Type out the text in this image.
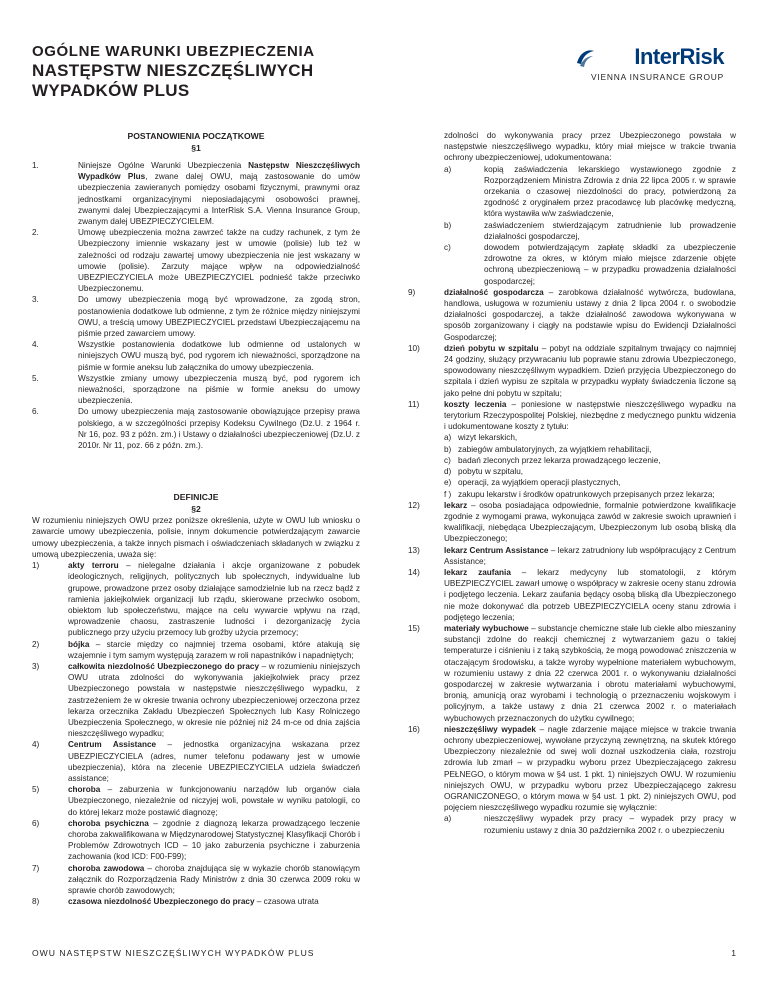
OGÓLNE WARUNKI UBEZPIECZENIA
NASTĘPSTW NIESZCZĘŚLIWYCH
WYPADKÓW PLUS
InterRisk
VIENNA INSURANCE GROUP
POSTANOWIENIA POCZĄTKOWE
§1
1.	Niniejsze Ogólne Warunki Ubezpieczenia Następstw Nieszczęśliwych Wypadków Plus, zwane dalej OWU, mają zastosowanie do umów ubezpieczenia zawieranych pomiędzy osobami fizycznymi, prawnymi oraz jednostkami organizacyjnymi nieposiadającymi osobowości prawnej, zwanymi dalej Ubezpieczającymi a InterRisk S.A. Vienna Insurance Group, zwanym dalej UBEZPIECZYCIELEM.
2.	Umowę ubezpieczenia można zawrzeć także na cudzy rachunek, z tym że Ubezpieczony imiennie wskazany jest w umowie (polisie) lub też w zależności od rodzaju zawartej umowy ubezpieczenia nie jest wskazany w umowie (polisie). Zarzuty mające wpływ na odpowiedzialność UBEZPIECZYCIELA może UBEZPIECZYCIEL podnieść także przeciwko Ubezpieczonemu.
3.	Do umowy ubezpieczenia mogą być wprowadzone, za zgodą stron, postanowienia dodatkowe lub odmienne, z tym że różnice między niniejszymi OWU, a treścią umowy UBEZPIECZYCIEL przedstawi Ubezpieczającemu na piśmie przed zawarciem umowy.
4.	Wszystkie postanowienia dodatkowe lub odmienne od ustalonych w niniejszych OWU muszą być, pod rygorem ich nieważności, sporządzone na piśmie w formie aneksu lub załącznika do umowy ubezpieczenia.
5.	Wszystkie zmiany umowy ubezpieczenia muszą być, pod rygorem ich nieważności, sporządzone na piśmie w formie aneksu do umowy ubezpieczenia.
6.	Do umowy ubezpieczenia mają zastosowanie obowiązujące przepisy prawa polskiego, a w szczególności przepisy Kodeksu Cywilnego (Dz.U. z 1964 r. Nr 16, poz. 93 z późn. zm.) i Ustawy o działalności ubezpieczeniowej (Dz.U. z 2010r. Nr 11, poz. 66 z późn. zm.).
DEFINICJE
§2
W rozumieniu niniejszych OWU przez poniższe określenia, użyte w OWU lub wniosku o zawarcie umowy ubezpieczenia, polisie, innym dokumencie potwierdzającym zawarcie umowy ubezpieczenia, a także innych pismach i oświadczeniach składanych w związku z umową ubezpieczenia, uważa się:
1)	akty terroru – nielegalne działania i akcje organizowane z pobudek ideologicznych, religijnych, politycznych lub społecznych, indywidualne lub grupowe, prowadzone przez osoby działające samodzielnie lub na rzecz bądź z ramienia jakiejkolwiek organizacji lub rządu, skierowane przeciwko osobom, obiektom lub społeczeństwu, mające na celu wywarcie wpływu na rząd, wprowadzenie chaosu, zastraszenie ludności i dezorganizację życia publicznego przy użyciu przemocy lub groźby użycia przemocy;
2)	bójka – starcie między co najmniej trzema osobami, które atakują się wzajemnie i tym samym występują zarazem w roli napastników i napadniętych;
3)	całkowita niezdolność Ubezpieczonego do pracy – w rozumieniu niniejszych OWU utrata zdolności do wykonywania jakiejkolwiek pracy przez Ubezpieczonego powstała w następstwie nieszczęśliwego wypadku, z zastrzeżeniem że w okresie trwania ochrony ubezpieczeniowej orzeczona przez lekarza orzecznika Zakładu Ubezpieczeń Społecznych lub Kasy Rolniczego Ubezpieczenia Społecznego, w okresie nie później niż 24 m-ce od dnia zajścia nieszczęśliwego wypadku;
4)	Centrum Assistance – jednostka organizacyjna wskazana przez UBEZPIECZYCIELA (adres, numer telefonu podawany jest w umowie ubezpieczenia), która na zlecenie UBEZPIECZYCIELA udziela świadczeń assistance;
5)	choroba – zaburzenia w funkcjonowaniu narządów lub organów ciała Ubezpieczonego, niezależnie od niczyjej woli, powstałe w wyniku patologii, co do której lekarz może postawić diagnozę;
6)	choroba psychiczna – zgodnie z diagnozą lekarza prowadzącego leczenie choroba zakwalifikowana w Międzynarodowej Statystycznej Klasyfikacji Chorób i Problemów Zdrowotnych ICD – 10 jako zaburzenia psychiczne i zaburzenia zachowania (kod ICD: F00-F99);
7)	choroba zawodowa – choroba znajdująca się w wykazie chorób stanowiącym załącznik do Rozporządzenia Rady Ministrów z dnia 30 czerwca 2009 roku w sprawie chorób zawodowych;
8)	czasowa niezdolność Ubezpieczonego do pracy – czasowa utrata
zdolności do wykonywania pracy przez Ubezpieczonego powstała w następstwie nieszczęśliwego wypadku, który miał miejsce w trakcie trwania ochrony ubezpieczeniowej, udokumentowana:
a)	kopią zaświadczenia lekarskiego wystawionego zgodnie z Rozporządzeniem Ministra Zdrowia z dnia 22 lipca 2005 r. w sprawie orzekania o czasowej niezdolności do pracy, potwierdzoną za zgodność z oryginałem przez pracodawcę lub placówkę medyczną, która wystawiła w/w zaświadczenie,
b)	zaświadczeniem stwierdzającym zatrudnienie lub prowadzenie działalności gospodarczej,
c)	dowodem potwierdzającym zapłatę składki za ubezpieczenie zdrowotne za okres, w którym miało miejsce zdarzenie objęte ochroną ubezpieczeniową – w przypadku prowadzenia działalności gospodarczej;
9)	działalność gospodarcza – zarobkowa działalność wytwórcza, budowlana, handlowa, usługowa w rozumieniu ustawy z dnia 2 lipca 2004 r. o swobodzie działalności gospodarczej, a także działalność zawodowa wykonywana w sposób zorganizowany i ciągły na podstawie wpisu do Ewidencji Działalności Gospodarczej;
10)	dzień pobytu w szpitalu – pobyt na oddziale szpitalnym trwający co najmniej 24 godziny, służący przywracaniu lub poprawie stanu zdrowia Ubezpieczonego, spowodowany nieszczęśliwym wypadkiem. Dzień przyjęcia Ubezpieczonego do szpitala i dzień wypisu ze szpitala w przypadku wypłaty świadczenia liczone są jako pełne dni pobytu w szpitalu;
11)	koszty leczenia – poniesione w następstwie nieszczęśliwego wypadku na terytorium Rzeczypospolitej Polskiej, niezbędne z medycznego punktu widzenia i udokumentowane koszty z tytułu:
a) wizyt lekarskich,
b) zabiegów ambulatoryjnych, za wyjątkiem rehabilitacji,
c) badań zleconych przez lekarza prowadzącego leczenie,
d) pobytu w szpitalu,
e) operacji, za wyjątkiem operacji plastycznych,
f ) zakupu lekarstw i środków opatrunkowych przepisanych przez lekarza;
12)	lekarz – osoba posiadająca odpowiednie, formalnie potwierdzone kwalifikacje zgodnie z wymogami prawa, wykonująca zawód w zakresie swoich uprawnień i kwalifikacji, niebędąca Ubezpieczającym, Ubezpieczonym lub osobą bliską dla Ubezpieczonego;
13)	lekarz Centrum Assistance – lekarz zatrudniony lub współpracujący z Centrum Assistance;
14)	lekarz zaufania – lekarz medycyny lub stomatologii, z którym UBEZPIECZYCIEL zawarł umowę o współpracy w zakresie oceny stanu zdrowia i podjętego leczenia. Lekarz zaufania będący osobą bliską dla Ubezpieczonego nie może dokonywać dla potrzeb UBEZPIECZYCIELA oceny stanu zdrowia i podjętego leczenia;
15)	materiały wybuchowe – substancje chemiczne stałe lub ciekłe albo mieszaniny substancji zdolne do reakcji chemicznej z wytwarzaniem gazu o takiej temperaturze i ciśnieniu i z taką szybkością, że mogą powodować zniszczenia w otaczającym środowisku, a także wyroby wypełnione materiałem wybuchowym, w rozumieniu ustawy z dnia 22 czerwca 2001 r. o wykonywaniu działalności gospodarczej w zakresie wytwarzania i obrotu materiałami wybuchowymi, bronią, amunicją oraz wyrobami i technologią o przeznaczeniu wojskowym i policyjnym, a także ustawy z dnia 21 czerwca 2002 r. o materiałach wybuchowych przeznaczonych do użytku cywilnego;
16)	nieszczęśliwy wypadek – nagłe zdarzenie mające miejsce w trakcie trwania ochrony ubezpieczeniowej, wywołane przyczyną zewnętrzną, na skutek którego Ubezpieczony niezależnie od swej woli doznał uszkodzenia ciała, rozstroju zdrowia lub zmarł – w przypadku wyboru przez Ubezpieczającego zakresu PEŁNEGO, o którym mowa w §4 ust. 1 pkt. 1) niniejszych OWU. W rozumieniu niniejszych OWU, w przypadku wyboru przez Ubezpieczającego zakresu OGRANICZONEGO, o którym mowa w §4 ust. 1 pkt. 2) niniejszych OWU, pod pojęciem nieszczęśliwego wypadku rozumie się wyłącznie:
a)	nieszczęśliwy wypadek przy pracy – wypadek przy pracy w rozumieniu ustawy z dnia 30 października 2002 r. o ubezpieczeniu
OWU NASTĘPSTW NIESZCZĘŚLIWYCH WYPADKÓW PLUS	1
